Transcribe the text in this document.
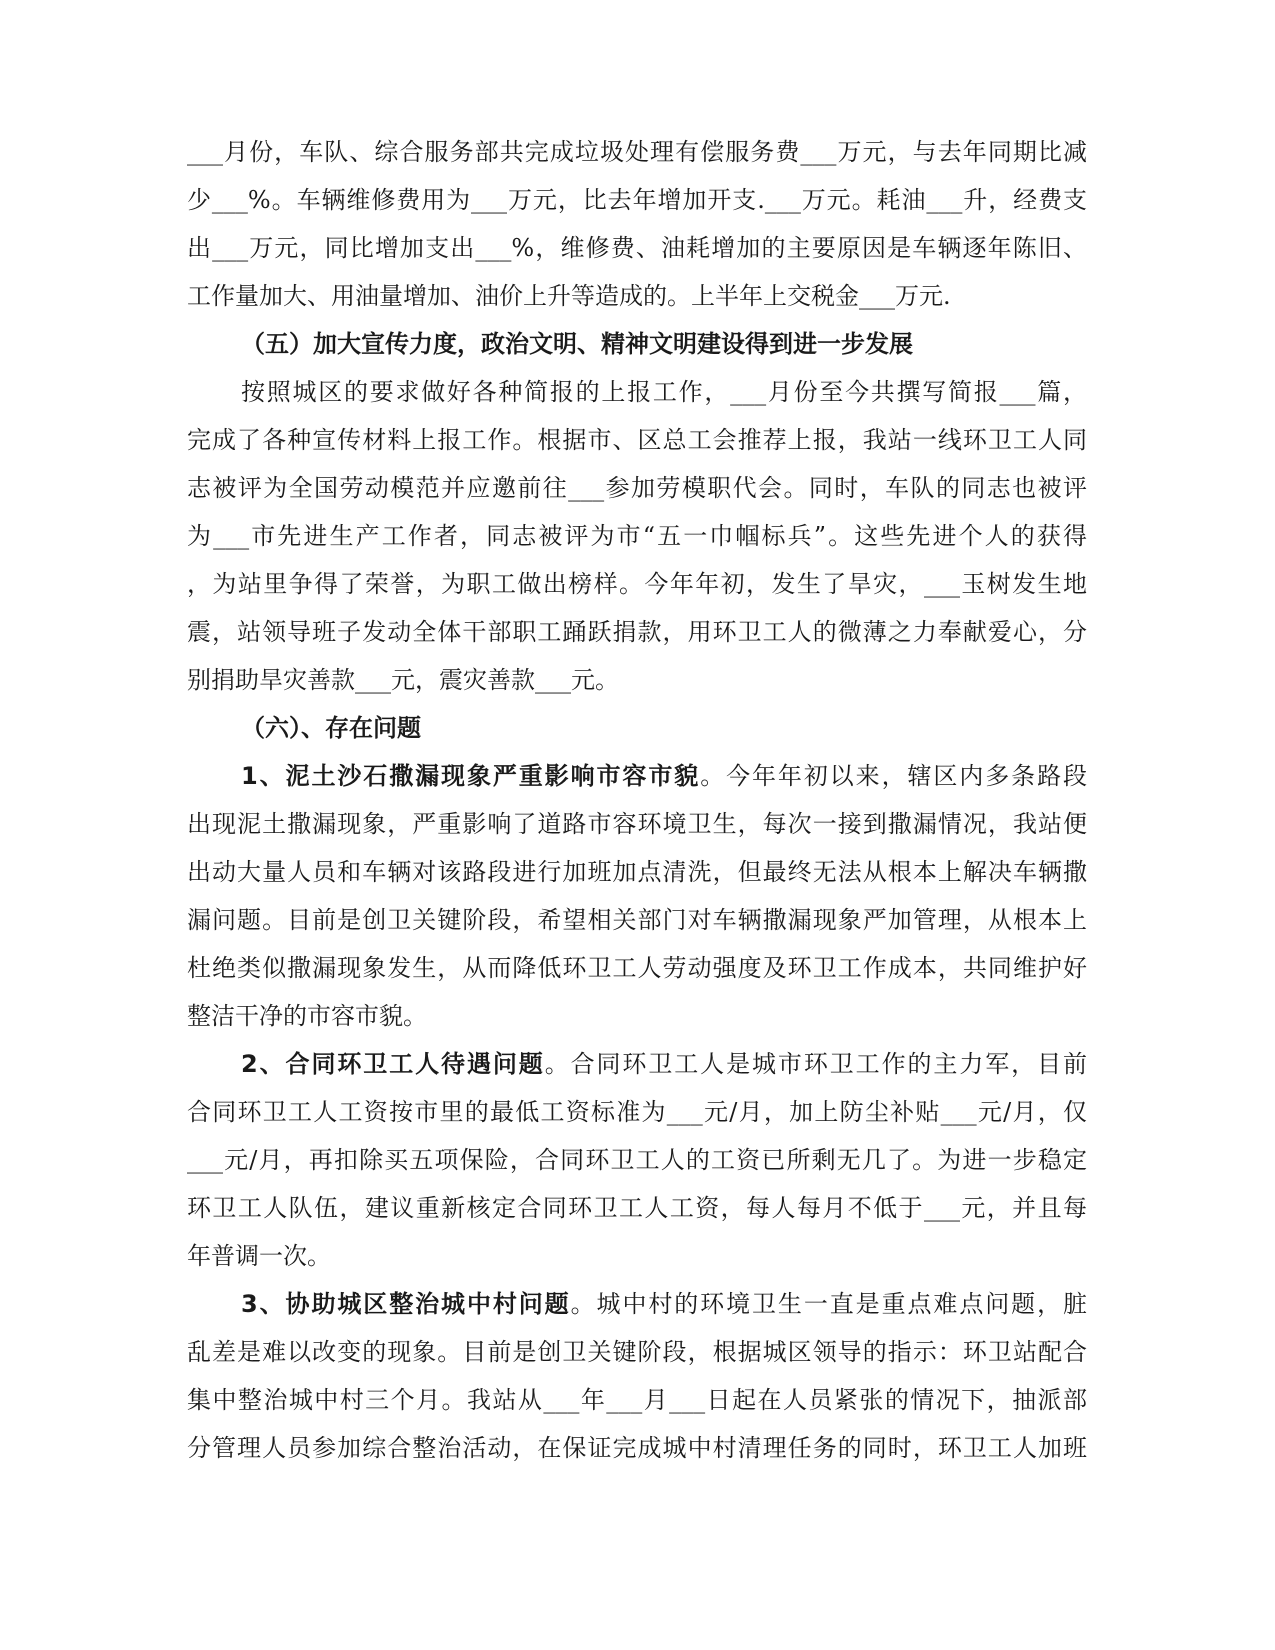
___月份，车队、综合服务部共完成垃圾处理有偿服务费___万元，与去年同期比减
少___%。车辆维修费用为___万元，比去年增加开支.___万元。耗油___升，经费支
出___万元，同比增加支出___%，维修费、油耗增加的主要原因是车辆逐年陈旧、
工作量加大、用油量增加、油价上升等造成的。上半年上交税金___万元.
（五）加大宣传力度，政治文明、精神文明建设得到进一步发展
按照城区的要求做好各种简报的上报工作，___月份至今共撰写简报___篇，
完成了各种宣传材料上报工作。根据市、区总工会推荐上报，我站一线环卫工人同
志被评为全国劳动模范并应邀前往___参加劳模职代会。同时，车队的同志也被评
为___市先进生产工作者，同志被评为市“五一巾帼标兵”。这些先进个人的获得
，为站里争得了荣誉，为职工做出榜样。今年年初，发生了旱灾，___玉树发生地
震，站领导班子发动全体干部职工踊跃捐款，用环卫工人的微薄之力奉献爱心，分
别捐助旱灾善款___元，震灾善款___元。
（六）、存在问题
1、泥土沙石撒漏现象严重影响市容市貌。今年年初以来，辖区内多条路段
出现泥土撒漏现象，严重影响了道路市容环境卫生，每次一接到撒漏情况，我站便
出动大量人员和车辆对该路段进行加班加点清洗，但最终无法从根本上解决车辆撒
漏问题。目前是创卫关键阶段，希望相关部门对车辆撒漏现象严加管理，从根本上
杜绝类似撒漏现象发生，从而降低环卫工人劳动强度及环卫工作成本，共同维护好
整洁干净的市容市貌。
2、合同环卫工人待遇问题。合同环卫工人是城市环卫工作的主力军，目前
合同环卫工人工资按市里的最低工资标准为___元/月，加上防尘补贴___元/月，仅
___元/月，再扣除买五项保险，合同环卫工人的工资已所剩无几了。为进一步稳定
环卫工人队伍，建议重新核定合同环卫工人工资，每人每月不低于___元，并且每
年普调一次。
3、协助城区整治城中村问题。城中村的环境卫生一直是重点难点问题，脏
乱差是难以改变的现象。目前是创卫关键阶段，根据城区领导的指示：环卫站配合
集中整治城中村三个月。我站从___年___月___日起在人员紧张的情况下，抽派部
分管理人员参加综合整治活动，在保证完成城中村清理任务的同时，环卫工人加班
